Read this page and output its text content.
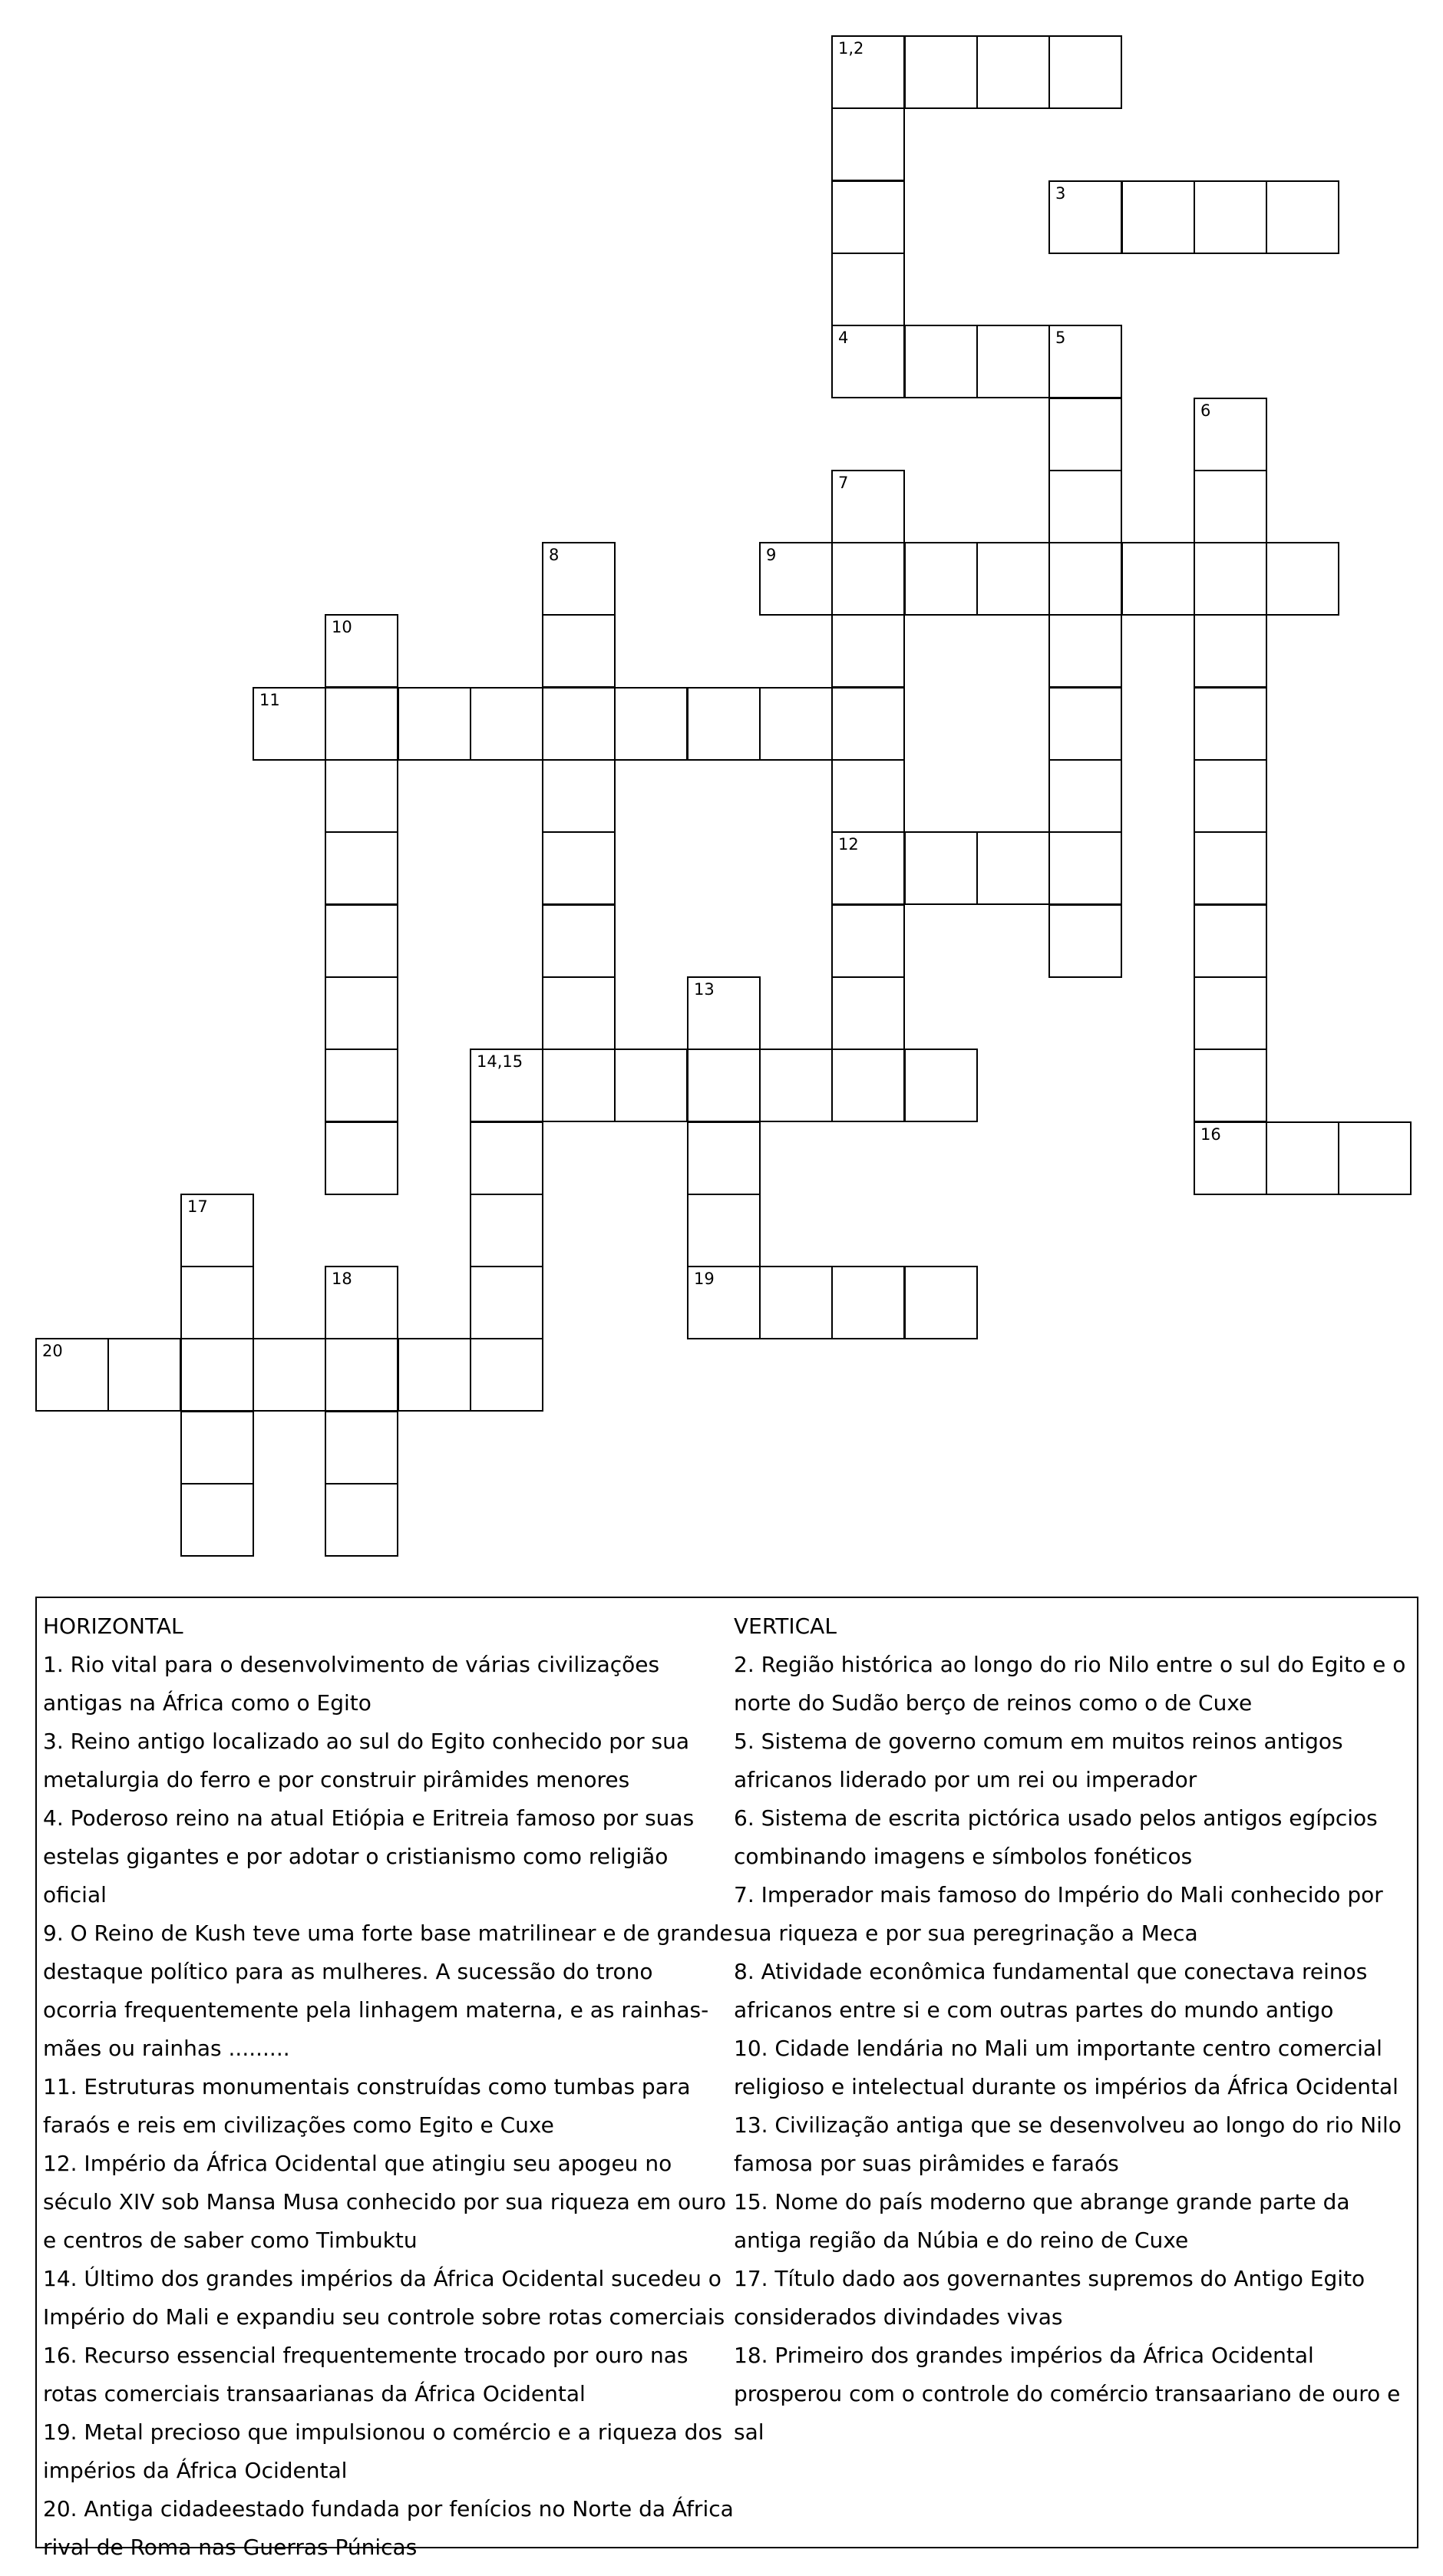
1,2
4
3
5
6
16
7
12
8	9
10
11
13
19
14,15
17
18
20
HORIZONTAL
1. Rio vital para o desenvolvimento de várias civilizações antigas na África como o Egito
3. Reino antigo localizado ao sul do Egito conhecido por sua metalurgia do ferro e por construir pirâmides menores
4. Poderoso reino na atual Etiópia e Eritreia famoso por suas estelas gigantes e por adotar o cristianismo como religião oficial
9. O Reino de Kush teve uma forte base matrilinear e de grande destaque político para as mulheres. A sucessão do trono ocorria frequentemente pela linhagem materna, e as rainhas-mães ou rainhas .........
11. Estruturas monumentais construídas como tumbas para faraós e reis em civilizações como Egito e Cuxe
12. Império da África Ocidental que atingiu seu apogeu no século XIV sob Mansa Musa conhecido por sua riqueza em ouro e centros de saber como Timbuktu
14. Último dos grandes impérios da África Ocidental sucedeu o Império do Mali e expandiu seu controle sobre rotas comerciais
16. Recurso essencial frequentemente trocado por ouro nas rotas comerciais transaarianas da África Ocidental
19. Metal precioso que impulsionou o comércio e a riqueza dos impérios da África Ocidental
20. Antiga cidadeestado fundada por fenícios no Norte da África rival de Roma nas Guerras Púnicas
VERTICAL
2. Região histórica ao longo do rio Nilo entre o sul do Egito e o norte do Sudão berço de reinos como o de Cuxe
5. Sistema de governo comum em muitos reinos antigos africanos liderado por um rei ou imperador
6. Sistema de escrita pictórica usado pelos antigos egípcios combinando imagens e símbolos fonéticos
7. Imperador mais famoso do Império do Mali conhecido por sua riqueza e por sua peregrinação a Meca
8. Atividade econômica fundamental que conectava reinos africanos entre si e com outras partes do mundo antigo
10. Cidade lendária no Mali um importante centro comercial religioso e intelectual durante os impérios da África Ocidental
13. Civilização antiga que se desenvolveu ao longo do rio Nilo famosa por suas pirâmides e faraós
15. Nome do país moderno que abrange grande parte da antiga região da Núbia e do reino de Cuxe
17. Título dado aos governantes supremos do Antigo Egito considerados divindades vivas
18. Primeiro dos grandes impérios da África Ocidental prosperou com o controle do comércio transaariano de ouro e sal
